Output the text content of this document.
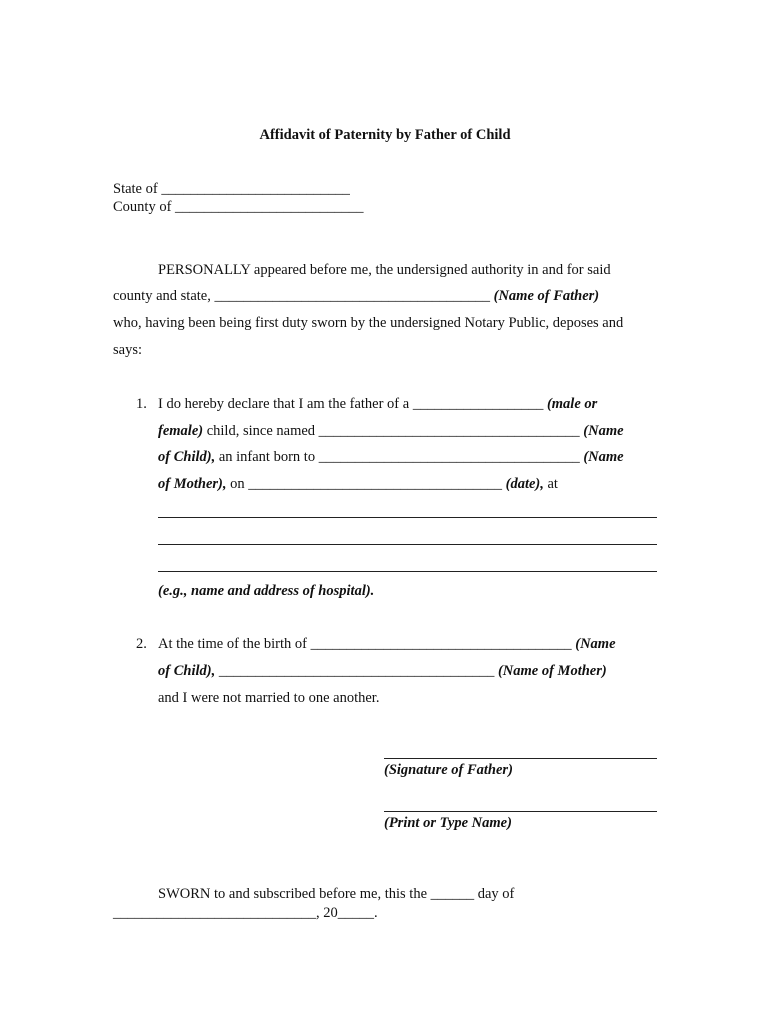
Affidavit of Paternity by Father of Child
State of __________________________
County of __________________________
PERSONALLY appeared before me, the undersigned authority in and for said
county and state, ______________________________________ (Name of Father)
who, having been being first duty sworn by the undersigned Notary Public, deposes and
says:
1. I do hereby declare that I am the father of a __________________ (male or
female) child, since named ____________________________________ (Name
of Child), an infant born to ____________________________________ (Name
of Mother), on ___________________________________ (date), at
(e.g., name and address of hospital).
2. At the time of the birth of ____________________________________ (Name
of Child), ______________________________________ (Name of Mother)
and I were not married to one another.
(Signature of Father)
(Print or Type Name)
SWORN to and subscribed before me, this the ______ day of
____________________________, 20_____.
